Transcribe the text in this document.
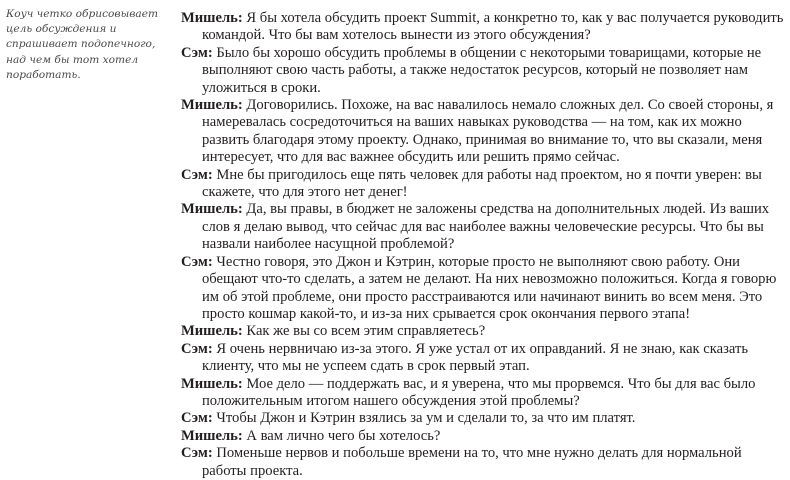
Коуч четко обрисовывает цель обсуждения и спрашивает подопечного, над чем бы тот хотел поработать.

Мишель: Я бы хотела обсудить проект Summit, а конкретно то, как у вас получается руководить командой. Что бы вам хотелось вынести из этого обсуждения?

Сэм: Было бы хорошо обсудить проблемы в общении с некоторыми товарищами, которые не выполняют свою часть работы, а также недостаток ресурсов, который не позволяет нам уложиться в сроки.

Мишель: Договорились. Похоже, на вас навалилось немало сложных дел. Со своей стороны, я намеревалась сосредоточиться на ваших навыках руководства — на том, как их можно развить благодаря этому проекту. Однако, принимая во внимание то, что вы сказали, меня интересует, что для вас важнее обсудить или решить прямо сейчас.

Сэм: Мне бы пригодилось еще пять человек для работы над проектом, но я почти уверен: вы скажете, что для этого нет денег!

Мишель: Да, вы правы, в бюджет не заложены средства на дополнительных людей. Из ваших слов я делаю вывод, что сейчас для вас наиболее важны человеческие ресурсы. Что бы вы назвали наиболее насущной проблемой?

Сэм: Честно говоря, это Джон и Кэтрин, которые просто не выполняют свою работу. Они обещают что-то сделать, а затем не делают. На них невозможно положиться. Когда я говорю им об этой проблеме, они просто расстраиваются или начинают винить во всем меня. Это просто кошмар какой-то, и из-за них срывается срок окончания первого этапа!

Мишель: Как же вы со всем этим справляетесь?

Сэм: Я очень нервничаю из-за этого. Я уже устал от их оправданий. Я не знаю, как сказать клиенту, что мы не успеем сдать в срок первый этап.

Мишель: Мое дело — поддержать вас, и я уверена, что мы прорвемся. Что бы для вас было положительным итогом нашего обсуждения этой проблемы?

Сэм: Чтобы Джон и Кэтрин взялись за ум и сделали то, за что им платят.

Мишель: А вам лично чего бы хотелось?

Сэм: Поменьше нервов и побольше времени на то, что мне нужно делать для нормальной работы проекта.
